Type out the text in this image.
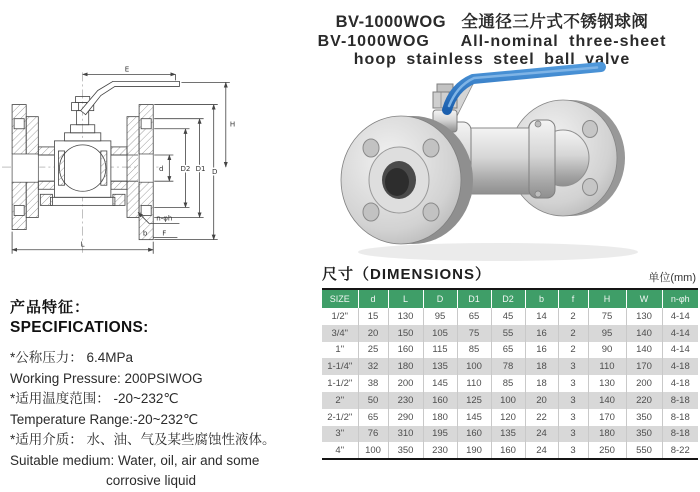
BV-1000WOG   全通径三片式不锈钢球阀
BV-1000WOG   All-nominal three-sheet
hoop stainless steel ball valve
E
H
d D2 D1 D
n-φh
b F
L
尺寸（DIMENSIONS）	单位(mm)
SIZE	d	L	D	D1	D2	b	f	H	W	n-φh
1/2"	15	130	95	65	45	14	2	75	130	4-14
3/4"	20	150	105	75	55	16	2	95	140	4-14
1"	25	160	115	85	65	16	2	90	140	4-14
1-1/4"	32	180	135	100	78	18	3	110	170	4-18
1-1/2"	38	200	145	110	85	18	3	130	200	4-18
2"	50	230	160	125	100	20	3	140	220	8-18
2-1/2"	65	290	180	145	120	22	3	170	350	8-18
3"	76	310	195	160	135	24	3	180	350	8-18
4"	100	350	230	190	160	24	3	250	550	8-22
产品特征：
SPECIFICATIONS:
*公称压力： 6.4MPa
Working Pressure: 200PSIWOG
*适用温度范围： -20~232℃
Temperature Range:-20~232℃
*适用介质： 水、油、气及某些腐蚀性液体。
Suitable medium: Water, oil, air and some
corrosive liquid
